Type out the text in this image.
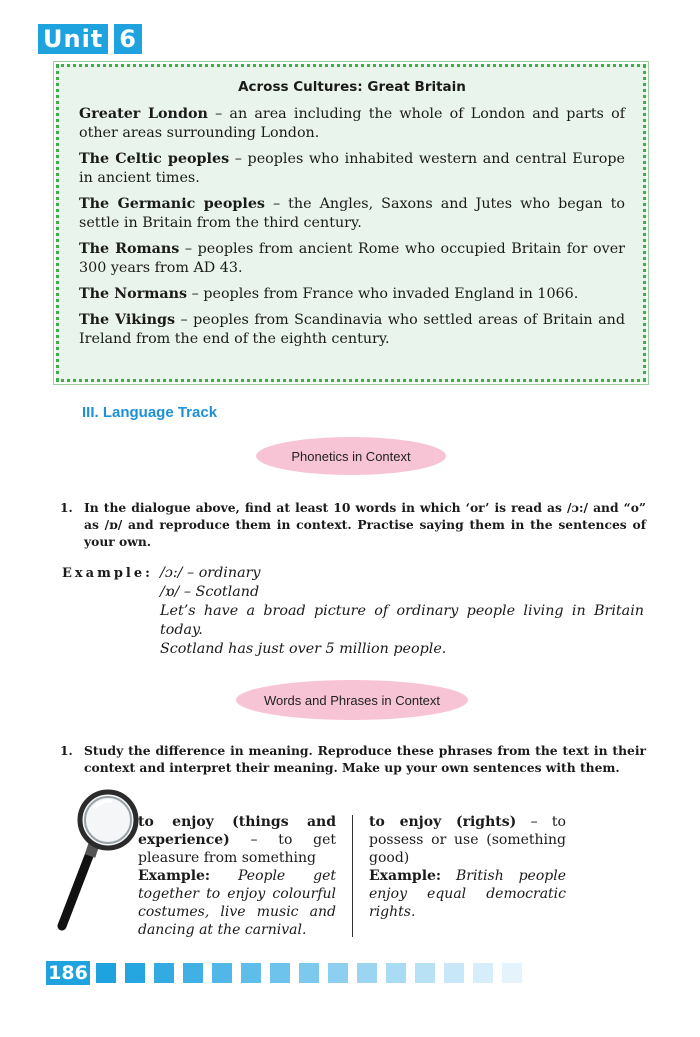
Unit 6
Across Cultures: Great Britain

Greater London – an area including the whole of London and parts of other areas surrounding London.

The Celtic peoples – peoples who inhabited western and central Europe in ancient times.

The Germanic peoples – the Angles, Saxons and Jutes who began to settle in Britain from the third century.

The Romans – peoples from ancient Rome who occupied Britain for over 300 years from AD 43.

The Normans – peoples from France who invaded England in 1066.

The Vikings – peoples from Scandinavia who settled areas of Britain and Ireland from the end of the eighth century.

III. Language Track
Phonetics in Context
1. In the dialogue above, find at least 10 words in which ‘or’ is read as /ɔ:/ and “o” as /ɒ/ and reproduce them in context. Practise saying them in the sentences of your own.
Example: /ɔ:/ – ordinary
/ɒ/ – Scotland
Let’s have a broad picture of ordinary people living in Britain today.
Scotland has just over 5 million people.
Words and Phrases in Context
1. Study the difference in meaning. Reproduce these phrases from the text in their context and interpret their meaning. Make up your own sentences with them.
to enjoy (things and experience) – to get pleasure from something
Example: People get together to enjoy colourful costumes, live music and dancing at the carnival.
to enjoy (rights) – to possess or use (something good)
Example: British people enjoy equal democratic rights.
186
